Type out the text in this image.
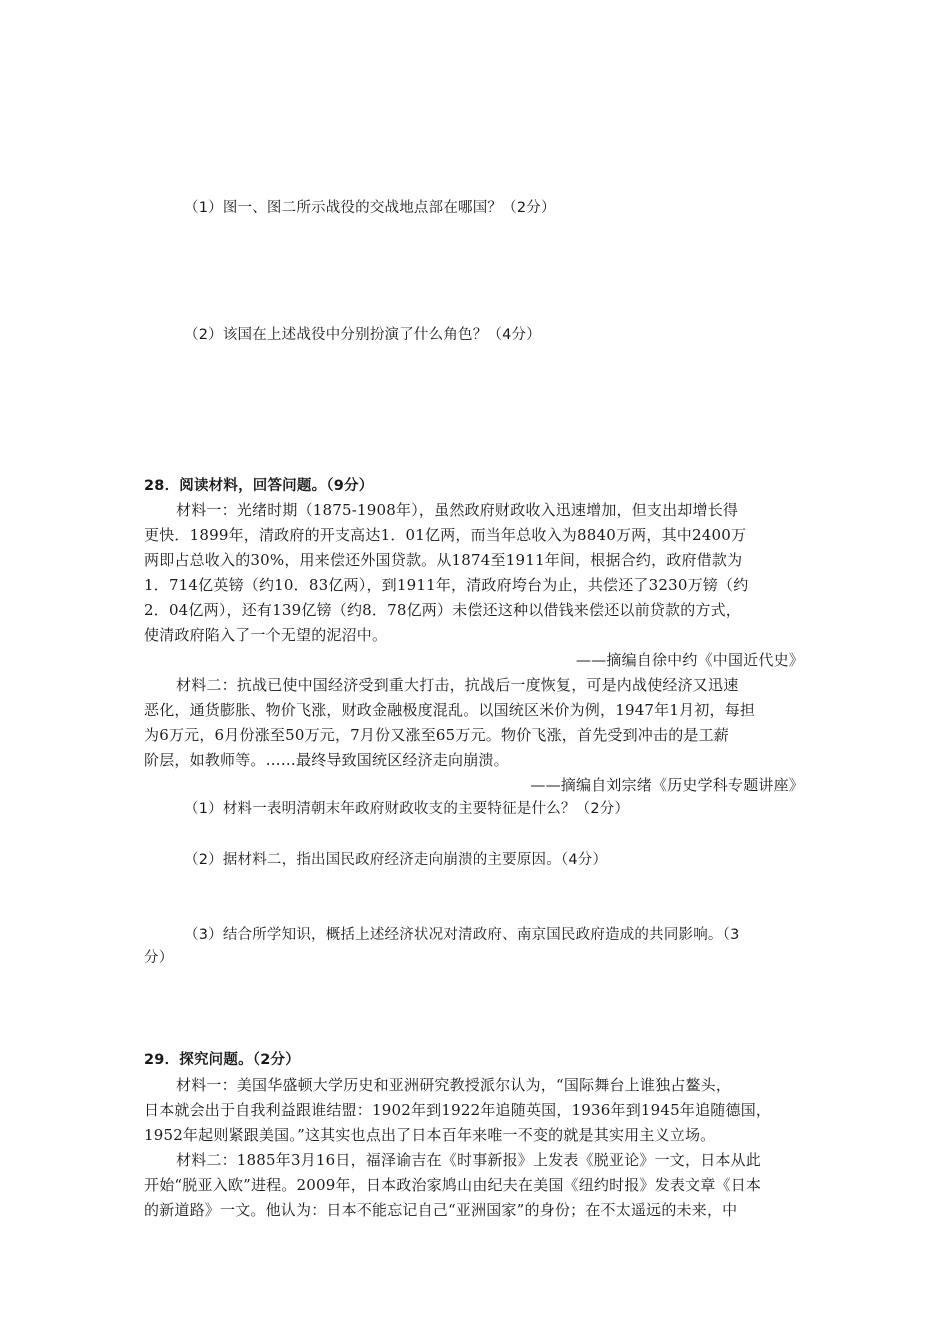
（1）图一、图二所示战役的交战地点部在哪国？（2分）

（2）该国在上述战役中分别扮演了什么角色？（4分）

28．阅读材料，回答问题。（9分）

材料一：光绪时期（1875-1908年），虽然政府财政收入迅速增加，但支出却增长得

更快．1899年，清政府的开支高达1．01亿两，而当年总收入为8840万两，其中2400万

两即占总收入的30%，用来偿还外国贷款。从1874至1911年间，根据合约，政府借款为

1．714亿英镑（约10．83亿两），到1911年，清政府垮台为止，共偿还了3230万镑（约

2．04亿两），还有139亿镑（约8．78亿两）未偿还这种以借钱来偿还以前贷款的方式，

使清政府陷入了一个无望的泥沼中。

——摘编自徐中约《中国近代史》

材料二：抗战已使中国经济受到重大打击，抗战后一度恢复，可是内战使经济又迅速

恶化，通货膨胀、物价飞涨，财政金融极度混乱。以国统区米价为例，1947年1月初，每担

为6万元，6月份涨至50万元，7月份又涨至65万元。物价飞涨，首先受到冲击的是工薪

阶层，如教师等。……最终导致国统区经济走向崩溃。

——摘编自刘宗绪《历史学科专题讲座》

（1）材料一表明清朝末年政府财政收支的主要特征是什么？（2分）

（2）据材料二，指出国民政府经济走向崩溃的主要原因。（4分）

（3）结合所学知识，概括上述经济状况对清政府、南京国民政府造成的共同影响。（3

分）

29．探究问题。（2分）

材料一：美国华盛顿大学历史和亚洲研究教授派尔认为，“国际舞台上谁独占鳌头，

日本就会出于自我利益跟谁结盟：1902年到1922年追随英国，1936年到1945年追随德国，

1952年起则紧跟美国。”这其实也点出了日本百年来唯一不变的就是其实用主义立场。

材料二：1885年3月16日，福泽谕吉在《时事新报》上发表《脱亚论》一文，日本从此

开始“脱亚入欧”进程。2009年，日本政治家鸠山由纪夫在美国《纽约时报》发表文章《日本

的新道路》一文。他认为：日本不能忘记自己“亚洲国家”的身份；在不太遥远的未来，中
